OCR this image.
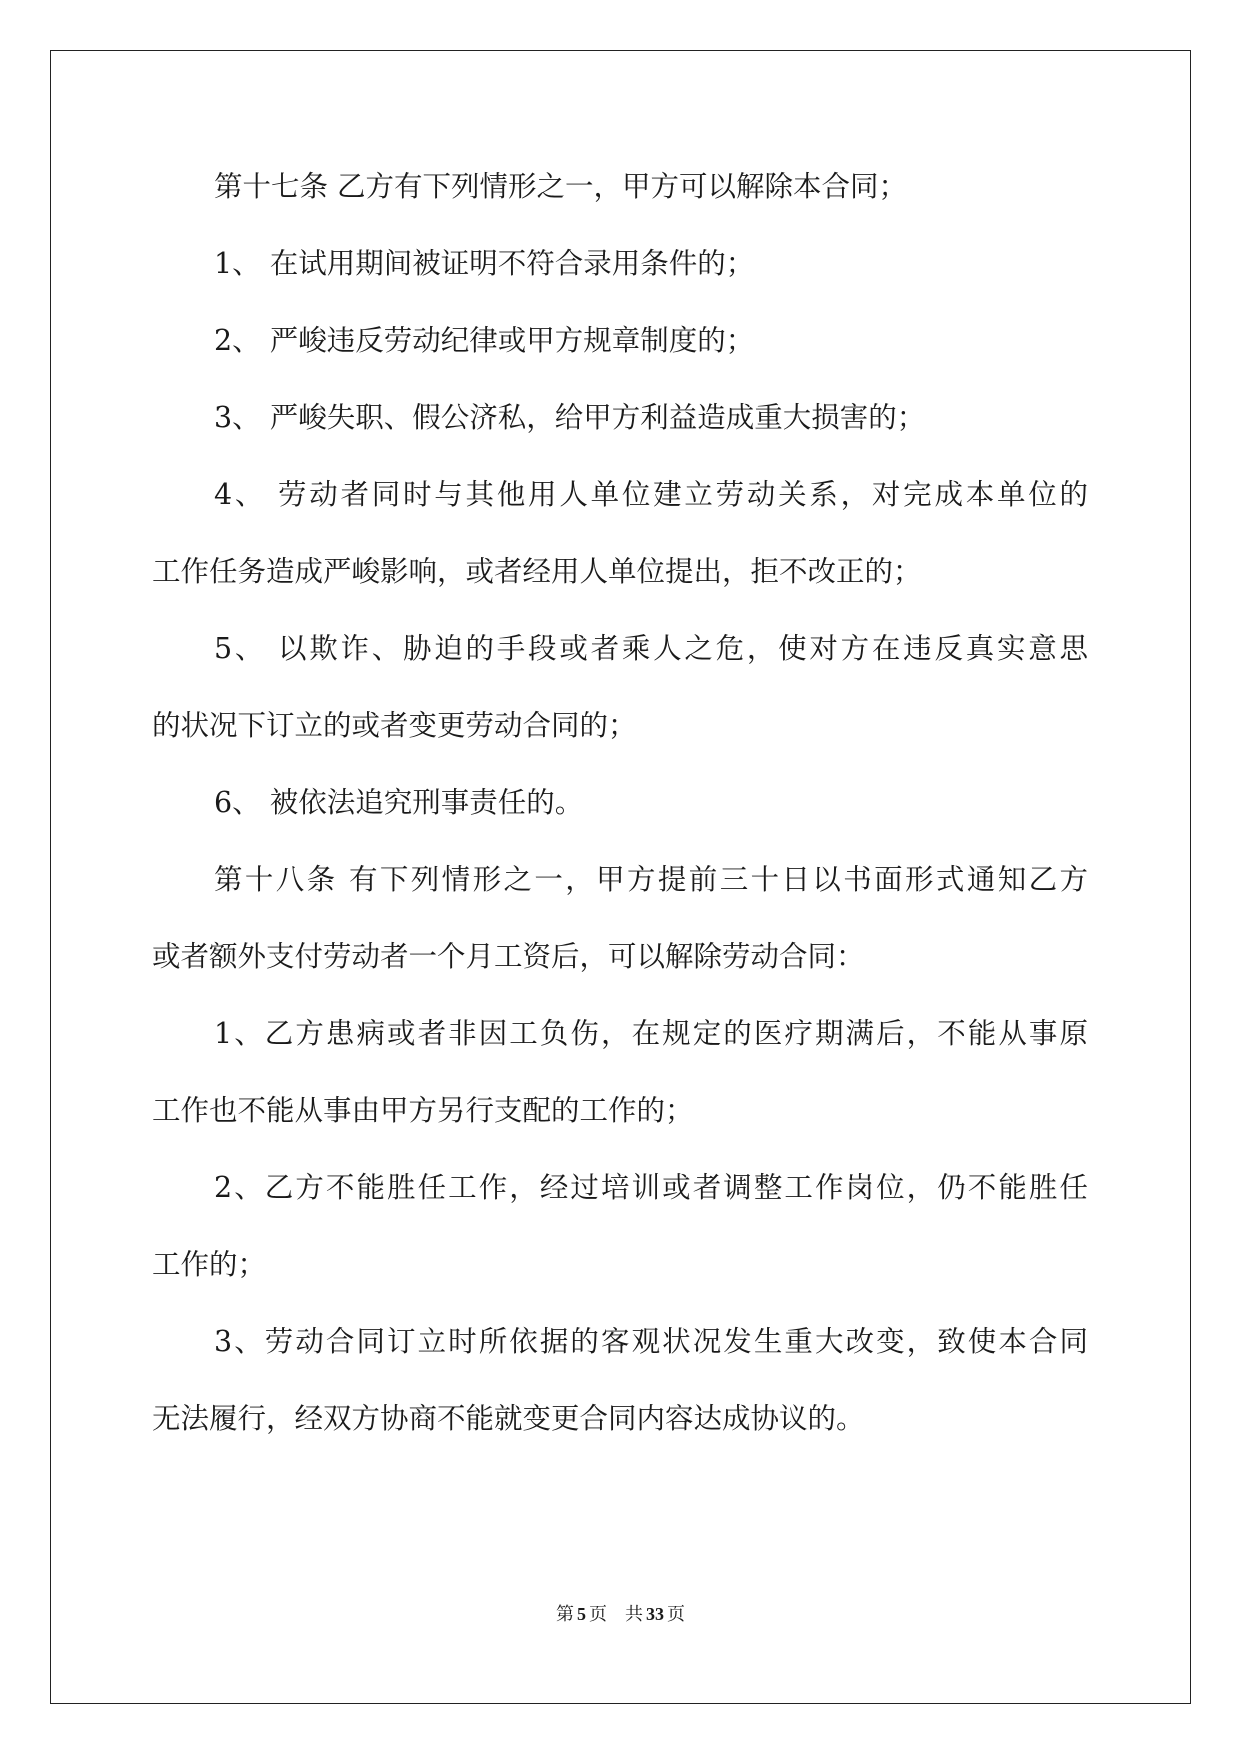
第十七条 乙方有下列情形之一，甲方可以解除本合同；
1、 在试用期间被证明不符合录用条件的；
2、 严峻违反劳动纪律或甲方规章制度的；
3、 严峻失职、假公济私，给甲方利益造成重大损害的；
4、 劳动者同时与其他用人单位建立劳动关系，对完成本单位的
工作任务造成严峻影响，或者经用人单位提出，拒不改正的；
5、 以欺诈、胁迫的手段或者乘人之危，使对方在违反真实意思
的状况下订立的或者变更劳动合同的；
6、 被依法追究刑事责任的。
第十八条 有下列情形之一，甲方提前三十日以书面形式通知乙方
或者额外支付劳动者一个月工资后，可以解除劳动合同：
1、乙方患病或者非因工负伤，在规定的医疗期满后，不能从事原
工作也不能从事由甲方另行支配的工作的；
2、乙方不能胜任工作，经过培训或者调整工作岗位，仍不能胜任
工作的；
3、劳动合同订立时所依据的客观状况发生重大改变，致使本合同
无法履行，经双方协商不能就变更合同内容达成协议的。
第 5 页 共 33 页
